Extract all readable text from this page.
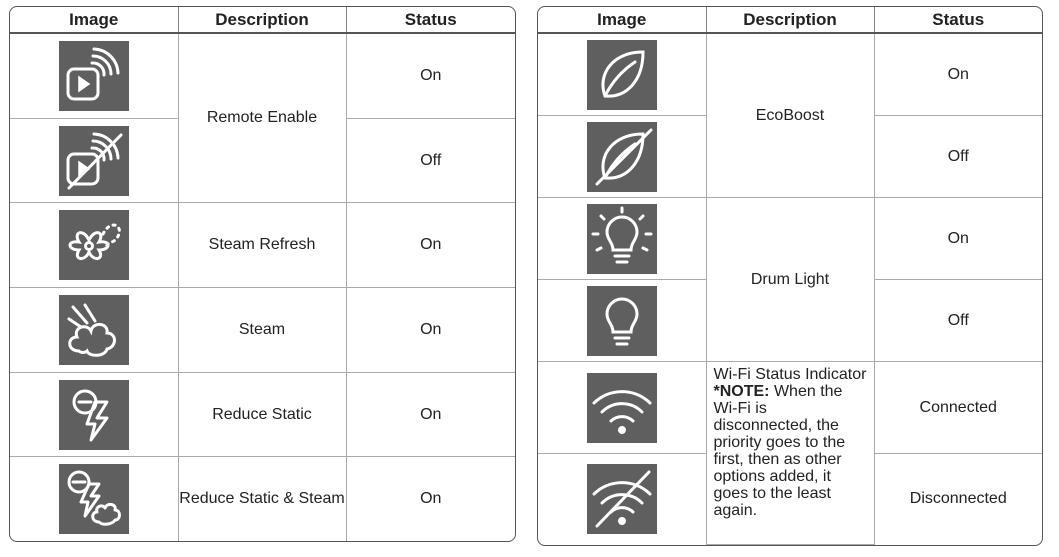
Image	Description	Status

	Remote Enable	On

	Off

	Steam Refresh	On

	Steam	On

	Reduce Static	On

	Reduce Static & Steam	On
Image	Description	Status

	EcoBoost	On

	Off

	Drum Light	On

	Off

	Wi-Fi Status Indicator
*NOTE: When the Wi-Fi is disconnected, the priority goes to the first, then as other options added, it goes to the least again.	Connected

	Disconnected
